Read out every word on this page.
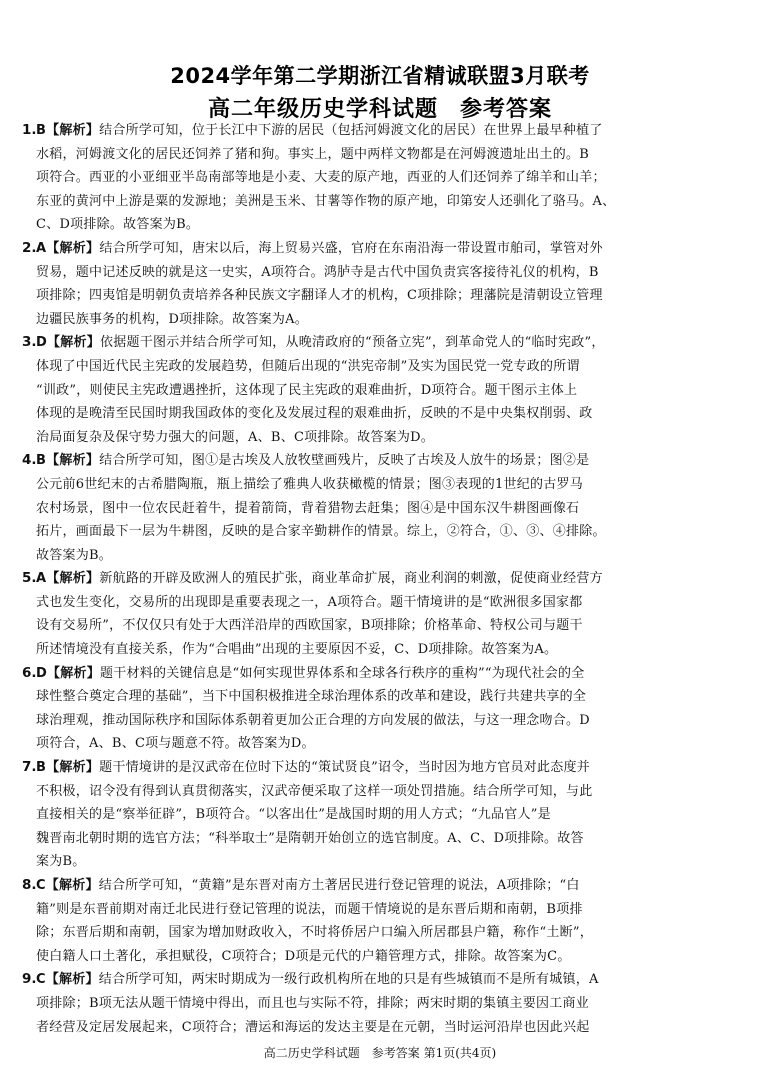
2024学年第二学期浙江省精诚联盟3月联考
高二年级历史学科试题 参考答案
1. B【解析】结合所学可知，位于长江中下游的居民（包括河姆渡文化的居民）在世界上最早种植了
水稻，河姆渡文化的居民还饲养了猪和狗。事实上，题中两样文物都是在河姆渡遗址出土的。B
项符合。西亚的小亚细亚半岛南部等地是小麦、大麦的原产地，西亚的人们还饲养了绵羊和山羊；
东亚的黄河中上游是粟的发源地；美洲是玉米、甘薯等作物的原产地，印第安人还驯化了骆马。A、
C、D项排除。故答案为B。
2. A【解析】结合所学可知，唐宋以后，海上贸易兴盛，官府在东南沿海一带设置市舶司，掌管对外
贸易，题中记述反映的就是这一史实，A项符合。鸿胪寺是古代中国负责宾客接待礼仪的机构，B
项排除；四夷馆是明朝负责培养各种民族文字翻译人才的机构，C项排除；理藩院是清朝设立管理
边疆民族事务的机构，D项排除。故答案为A。
3. D【解析】依据题干图示并结合所学可知，从晚清政府的“预备立宪”，到革命党人的“临时宪政”，
体现了中国近代民主宪政的发展趋势，但随后出现的“洪宪帝制”及实为国民党一党专政的所谓
“训政”，则使民主宪政遭遇挫折，这体现了民主宪政的艰难曲折，D项符合。题干图示主体上
体现的是晚清至民国时期我国政体的变化及发展过程的艰难曲折，反映的不是中央集权削弱、政
治局面复杂及保守势力强大的问题，A、B、C项排除。故答案为D。
4. B【解析】结合所学可知，图①是古埃及人放牧壁画残片，反映了古埃及人放牛的场景；图②是
公元前6世纪末的古希腊陶瓶，瓶上描绘了雅典人收获橄榄的情景；图③表现的1世纪的古罗马
农村场景，图中一位农民赶着牛，提着箭筒，背着猎物去赶集；图④是中国东汉牛耕图画像石
拓片，画面最下一层为牛耕图，反映的是合家辛勤耕作的情景。综上，②符合，①、③、④排除。
故答案为B。
5. A【解析】新航路的开辟及欧洲人的殖民扩张，商业革命扩展，商业利润的刺激，促使商业经营方
式也发生变化，交易所的出现即是重要表现之一，A项符合。题干情境讲的是“欧洲很多国家都
设有交易所”，不仅仅只有处于大西洋沿岸的西欧国家，B项排除；价格革命、特权公司与题干
所述情境没有直接关系，作为“合唱曲”出现的主要原因不妥，C、D项排除。故答案为A。
6. D【解析】题干材料的关键信息是“如何实现世界体系和全球各行秩序的重构”“为现代社会的全
球性整合奠定合理的基础”，当下中国积极推进全球治理体系的改革和建设，践行共建共享的全
球治理观，推动国际秩序和国际体系朝着更加公正合理的方向发展的做法，与这一理念吻合。D
项符合，A、B、C项与题意不符。故答案为D。
7. B【解析】题干情境讲的是汉武帝在位时下达的“策试贤良”诏令，当时因为地方官员对此态度并
不积极，诏令没有得到认真贯彻落实，汉武帝便采取了这样一项处罚措施。结合所学可知，与此
直接相关的是“察举征辟”，B项符合。“以客出仕”是战国时期的用人方式；“九品官人”是
魏晋南北朝时期的选官方法；“科举取士”是隋朝开始创立的选官制度。A、C、D项排除。故答
案为B。
8. C【解析】结合所学可知，“黄籍”是东晋对南方土著居民进行登记管理的说法，A项排除；“白
籍”则是东晋前期对南迁北民进行登记管理的说法，而题干情境说的是东晋后期和南朝，B项排
除；东晋后期和南朝，国家为增加财政收入，不时将侨居户口编入所居郡县户籍，称作“土断”，
使白籍人口土著化，承担赋役，C项符合；D项是元代的户籍管理方式，排除。故答案为C。
9. C【解析】结合所学可知，两宋时期成为一级行政机构所在地的只是有些城镇而不是所有城镇，A
项排除；B项无法从题干情境中得出，而且也与实际不符，排除；两宋时期的集镇主要因工商业
者经营及定居发展起来，C项符合；漕运和海运的发达主要是在元朝，当时运河沿岸也因此兴起
高二历史学科试题　参考答案 第1页(共4页)
